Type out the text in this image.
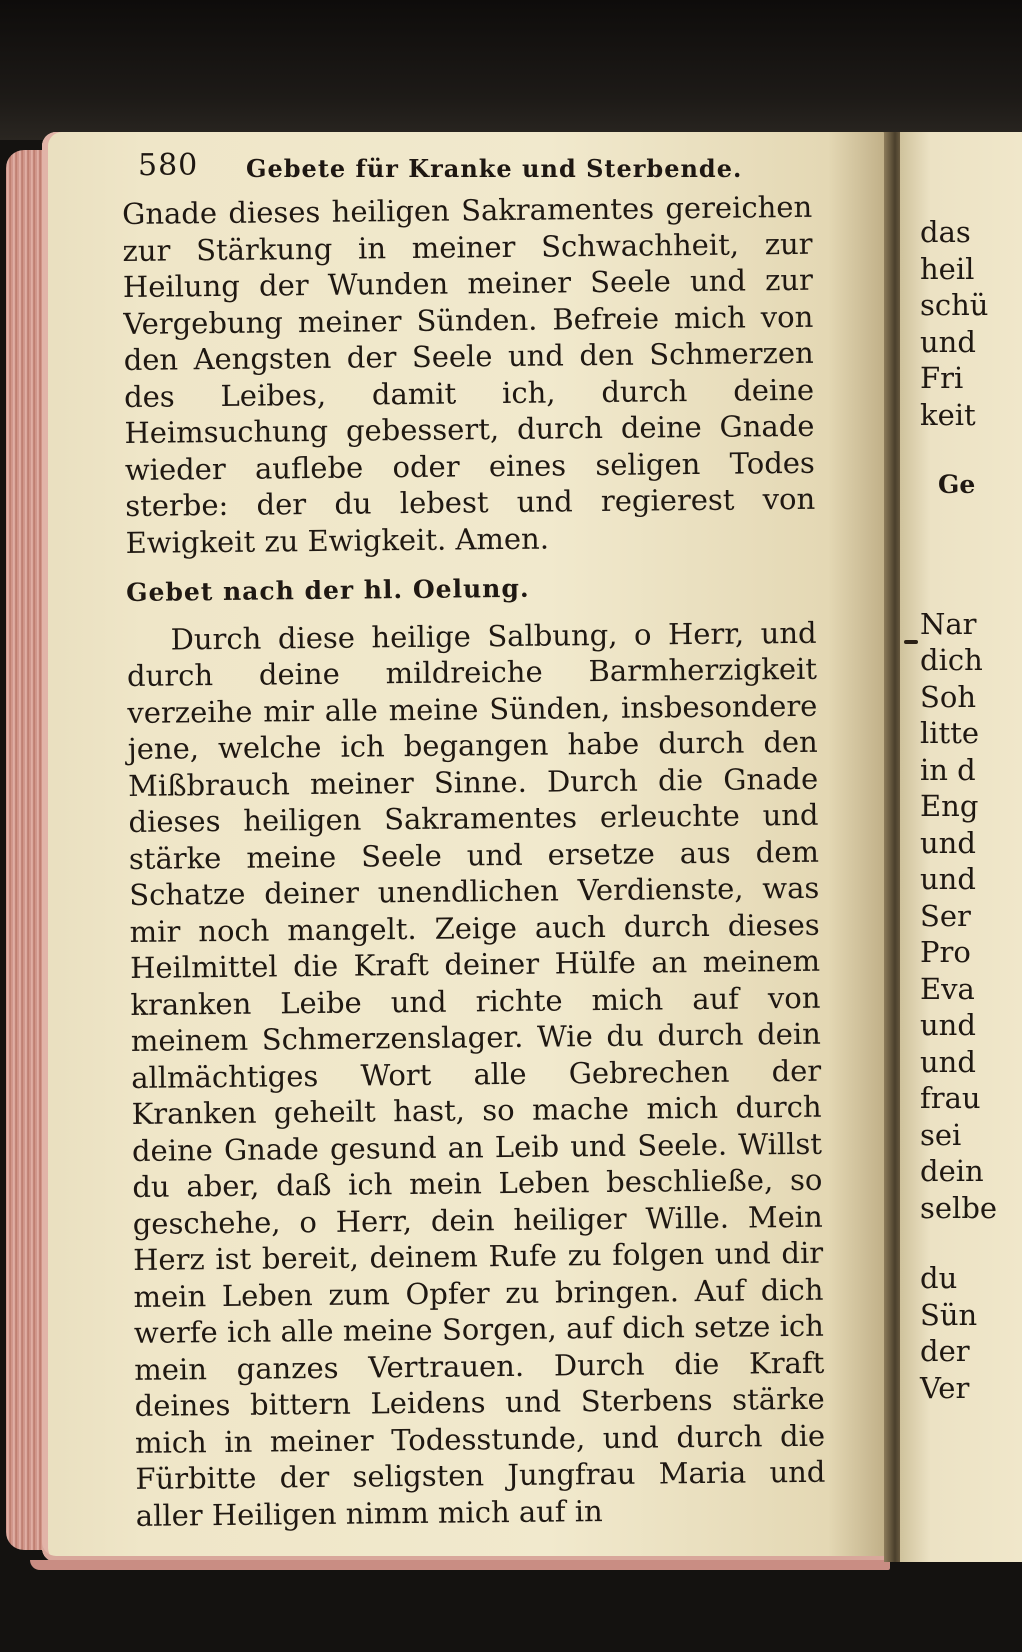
580 Gebete für Kranke und Sterbende.

Gnade dieses heiligen Sakramentes gereichen zur Stärkung in meiner Schwachheit, zur Heilung der Wunden meiner Seele und zur Vergebung meiner Sünden. Befreie mich von den Aengsten der Seele und den Schmerzen des Leibes, damit ich, durch deine Heimsuchung gebessert, durch deine Gnade wieder auflebe oder eines seligen Todes sterbe: der du lebest und regierest von Ewigkeit zu Ewigkeit. Amen.

Gebet nach der hl. Oelung.

Durch diese heilige Salbung, o Herr, und durch deine mildreiche Barmherzigkeit verzeihe mir alle meine Sünden, insbesondere jene, welche ich begangen habe durch den Mißbrauch meiner Sinne. Durch die Gnade dieses heiligen Sakramentes erleuchte und stärke meine Seele und ersetze aus dem Schatze deiner unendlichen Verdienste, was mir noch mangelt. Zeige auch durch dieses Heilmittel die Kraft deiner Hülfe an meinem kranken Leibe und richte mich auf von meinem Schmerzenslager. Wie du durch dein allmächtiges Wort alle Gebrechen der Kranken geheilt hast, so mache mich durch deine Gnade gesund an Leib und Seele. Willst du aber, daß ich mein Leben beschließe, so geschehe, o Herr, dein heiliger Wille. Mein Herz ist bereit, deinem Rufe zu folgen und dir mein Leben zum Opfer zu bringen. Auf dich werfe ich alle meine Sorgen, auf dich setze ich mein ganzes Vertrauen. Durch die Kraft deines bittern Leidens und Sterbens stärke mich in meiner Todesstunde, und durch die Fürbitte der seligsten Jungfrau Maria und aller Heiligen nimm mich auf in

das

heil

schü

und

Fri

keit

Ge

Nar

dich

Soh

litte

in d

Eng

und

und

Ser

Pro

Eva

und

und

frau

sei

dein

selbe

du

Sün

der

Ver
